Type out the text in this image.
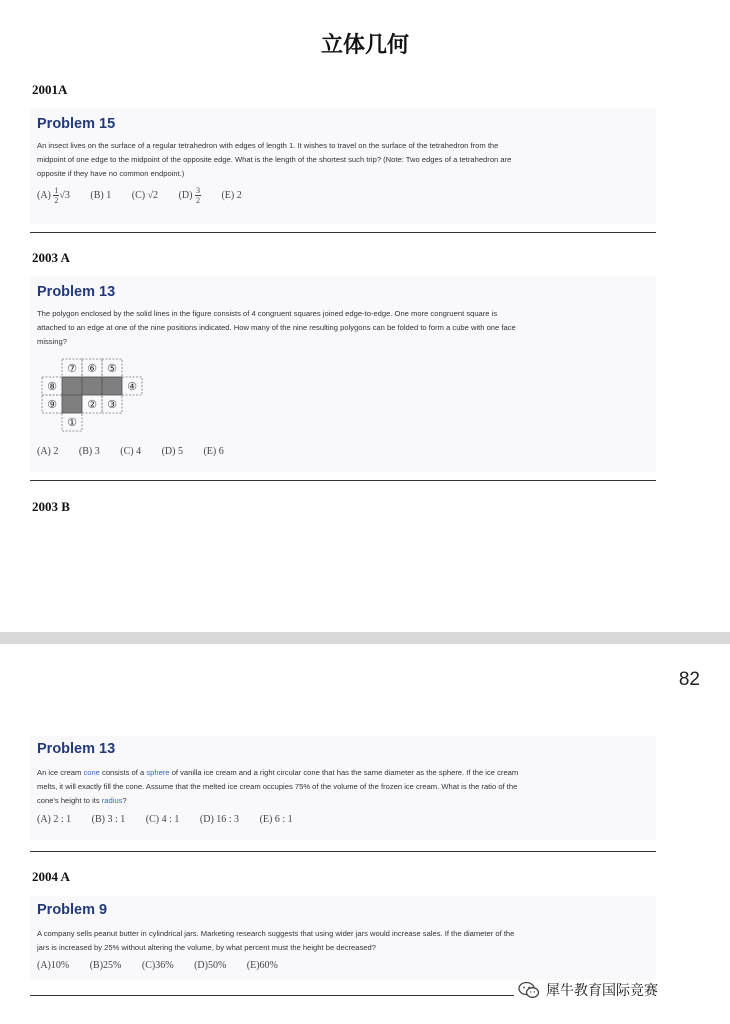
立体几何
2001A
Problem 15
An insect lives on the surface of a regular tetrahedron with edges of length 1. It wishes to travel on the surface of the tetrahedron from the
midpoint of one edge to the midpoint of the opposite edge. What is the length of the shortest such trip? (Note: Two edges of a tetrahedron are
opposite if they have no common endpoint.)
$(A) \frac{1}{2} √3$ (B) 1 (C) √2 $(D) \frac{3}{2} (E)$ 2
2003 A
Problem 13
The polygon enclosed by the solid lines in the figure consists of 4 congruent squares joined edge-to-edge. One more congruent square is
attached to an edge at one of the nine positions indicated. How many of the nine resulting polygons can be folded to form a cube with one face
missing?
⑦ ⑥ ⑤
⑧	④
⑨	② ③
①
(A) 2 (B) 3 (C) 4 (D) 5 (E) 6
2003 B
82
Problem 13
An ice cream cone consists of a sphere of vanilla ice cream and a right circular cone that has the same diameter as the sphere. If the ice cream
melts, it will exactly fill the cone. Assume that the melted ice cream occupies 75% of the volume of the frozen ice cream. What is the ratio of the
cone's height to its radius?
(A) 2 : 1 (B) 3 : 1 (C) 4 : 1 (D) 16 : 3 (E) 6 : 1
2004 A
Problem 9
A company sells peanut butter in cylindrical jars. Marketing research suggests that using wider jars would increase sales. If the diameter of the
jars is increased by 25% without altering the volume, by what percent must the height be decreased?
(A)10% (B)25% (C)36% (D)50% (E)60%
犀牛教育国际竞赛
